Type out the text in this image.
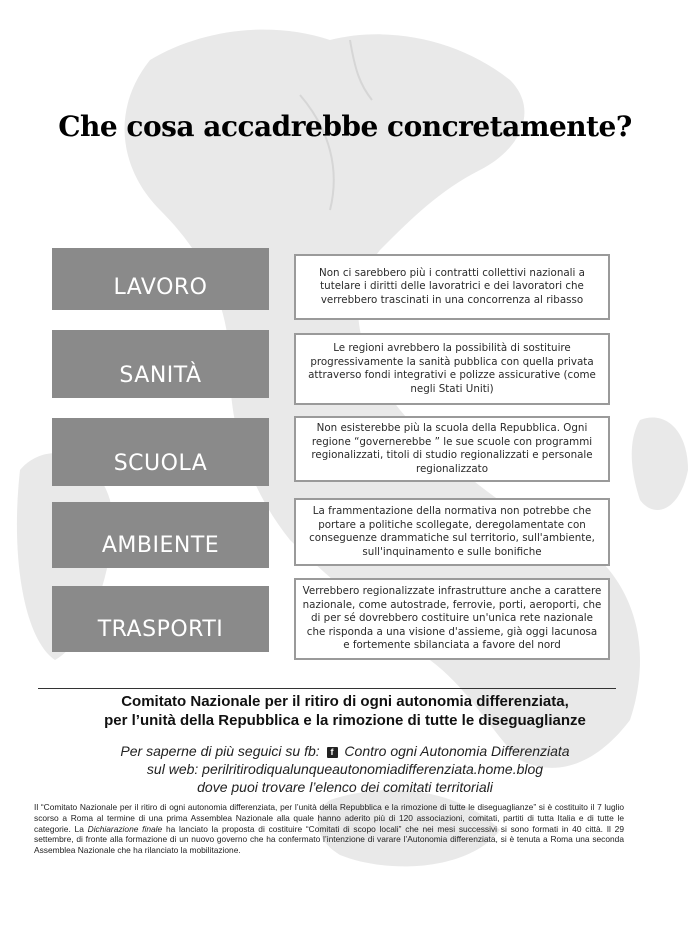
Che cosa accadrebbe concretamente?
LAVORO
Non ci sarebbero più i contratti collettivi nazionali a tutelare i diritti delle lavoratrici e dei lavoratori che verrebbero trascinati in una concorrenza al ribasso
SANITÀ
Le regioni avrebbero la possibilità di sostituire progressivamente la sanità pubblica con quella privata attraverso fondi integrativi e polizze assicurative (come negli Stati Uniti)
SCUOLA
Non esisterebbe più la scuola della Repubblica. Ogni regione “governerebbe ” le sue scuole con programmi regionalizzati, titoli di studio regionalizzati e personale regionalizzato
AMBIENTE
La frammentazione della normativa non potrebbe che portare a politiche scollegate, deregolamentate con conseguenze drammatiche sul territorio, sull'ambiente, sull'inquinamento e sulle bonifiche
TRASPORTI
Verrebbero regionalizzate infrastrutture anche a carattere nazionale, come autostrade, ferrovie, porti, aeroporti, che di per sé dovrebbero costituire un'unica rete nazionale che risponda a una visione d'assieme, già oggi lacunosa e fortemente sbilanciata a favore del nord
Comitato Nazionale per il ritiro di ogni autonomia differenziata,
per l’unità della Repubblica e la rimozione di tutte le diseguaglianze
Per saperne di più seguici su fb: f Contro ogni Autonomia Differenziata
sul web: perilritirodiqualunqueautonomiadifferenziata.home.blog
dove puoi trovare l’elenco dei comitati territoriali
Il “Comitato Nazionale per il ritiro di ogni autonomia differenziata, per l’unità della Repubblica e la rimozione di tutte le diseguaglianze” si è costituito il 7 luglio scorso a Roma al termine di una prima Assemblea Nazionale alla quale hanno aderito più di 120 associazioni, comitati, partiti di tutta Italia e di tutte le categorie. La Dichiarazione finale ha lanciato la proposta di costituire “Comitati di scopo locali” che nei mesi successivi si sono formati in 40 città. Il 29 settembre, di fronte alla formazione di un nuovo governo che ha confermato l’intenzione di varare l’Autonomia differenziata, si è tenuta a Roma una seconda Assemblea Nazionale che ha rilanciato la mobilitazione.
